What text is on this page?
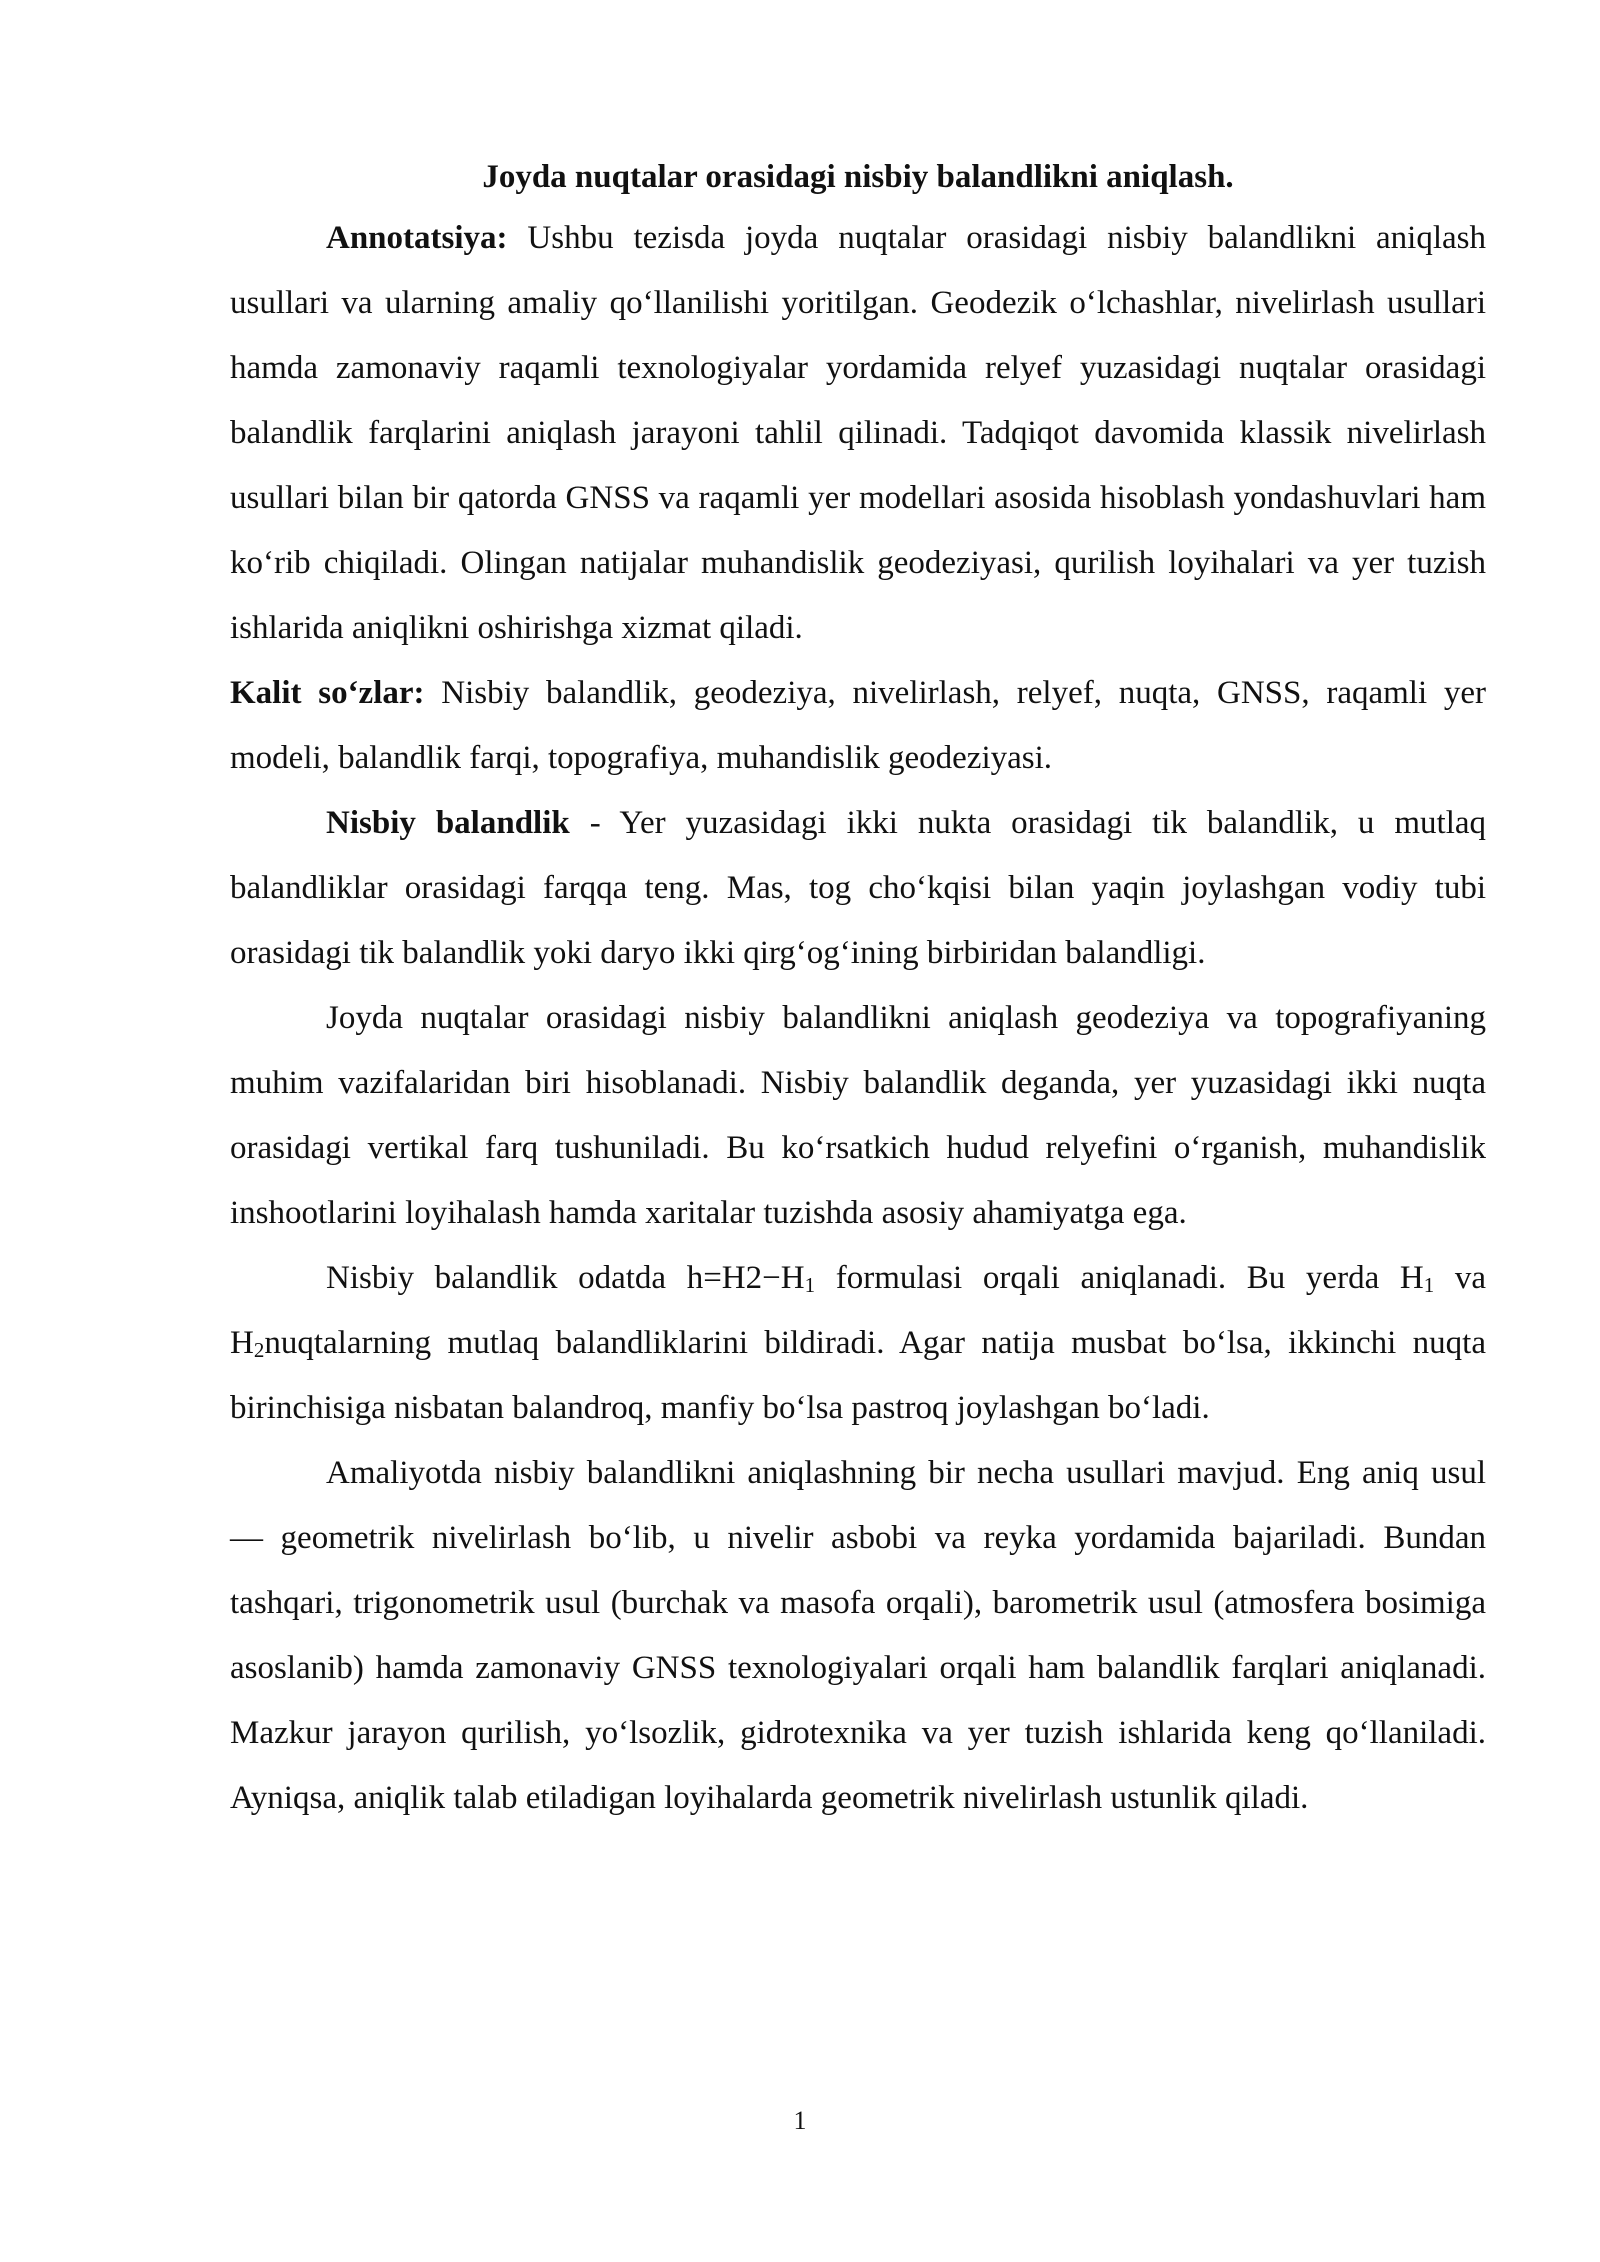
Joyda nuqtalar orasidagi nisbiy balandlikni aniqlash.

Annotatsiya: Ushbu tezisda joyda nuqtalar orasidagi nisbiy balandlikni aniqlash usullari va ularning amaliy qo‘llanilishi yoritilgan. Geodezik o‘lchashlar, nivelirlash usullari hamda zamonaviy raqamli texnologiyalar yordamida relyef yuzasidagi nuqtalar orasidagi balandlik farqlarini aniqlash jarayoni tahlil qilinadi. Tadqiqot davomida klassik nivelirlash usullari bilan bir qatorda GNSS va raqamli yer modellari asosida hisoblash yondashuvlari ham ko‘rib chiqiladi. Olingan natijalar muhandislik geodeziyasi, qurilish loyihalari va yer tuzish ishlarida aniqlikni oshirishga xizmat qiladi.

Kalit so‘zlar: Nisbiy balandlik, geodeziya, nivelirlash, relyef, nuqta, GNSS, raqamli yer modeli, balandlik farqi, topografiya, muhandislik geodeziyasi.

Nisbiy balandlik - Yer yuzasidagi ikki nukta orasidagi tik balandlik, u mutlaq balandliklar orasidagi farqqa teng. Mas, tog cho‘kqisi bilan yaqin joylashgan vodiy tubi orasidagi tik balandlik yoki daryo ikki qirg‘og‘ining birbiridan balandligi.

Joyda nuqtalar orasidagi nisbiy balandlikni aniqlash geodeziya va topografiyaning muhim vazifalaridan biri hisoblanadi. Nisbiy balandlik deganda, yer yuzasidagi ikki nuqta orasidagi vertikal farq tushuniladi. Bu ko‘rsatkich hudud relyefini o‘rganish, muhandislik inshootlarini loyihalash hamda xaritalar tuzishda asosiy ahamiyatga ega.

Nisbiy balandlik odatda $h=H2-H_1$ formulasi orqali aniqlanadi. Bu yerda $H_1$ va $H_2nuqtalarning$ mutlaq balandliklarini bildiradi. Agar natija musbat bo‘lsa, ikkinchi nuqta birinchisiga nisbatan balandroq, manfiy bo‘lsa pastroq joylashgan bo‘ladi.

Amaliyotda nisbiy balandlikni aniqlashning bir necha usullari mavjud. Eng aniq usul — geometrik nivelirlash bo‘lib, u nivelir asbobi va reyka yordamida bajariladi. Bundan tashqari, trigonometrik usul (burchak va masofa orqali), barometrik usul (atmosfera bosimiga asoslanib) hamda zamonaviy GNSS texnologiyalari orqali ham balandlik farqlari aniqlanadi. Mazkur jarayon qurilish, yo‘lsozlik, gidrotexnika va yer tuzish ishlarida keng qo‘llaniladi. Ayniqsa, aniqlik talab etiladigan loyihalarda geometrik nivelirlash ustunlik qiladi.

1
